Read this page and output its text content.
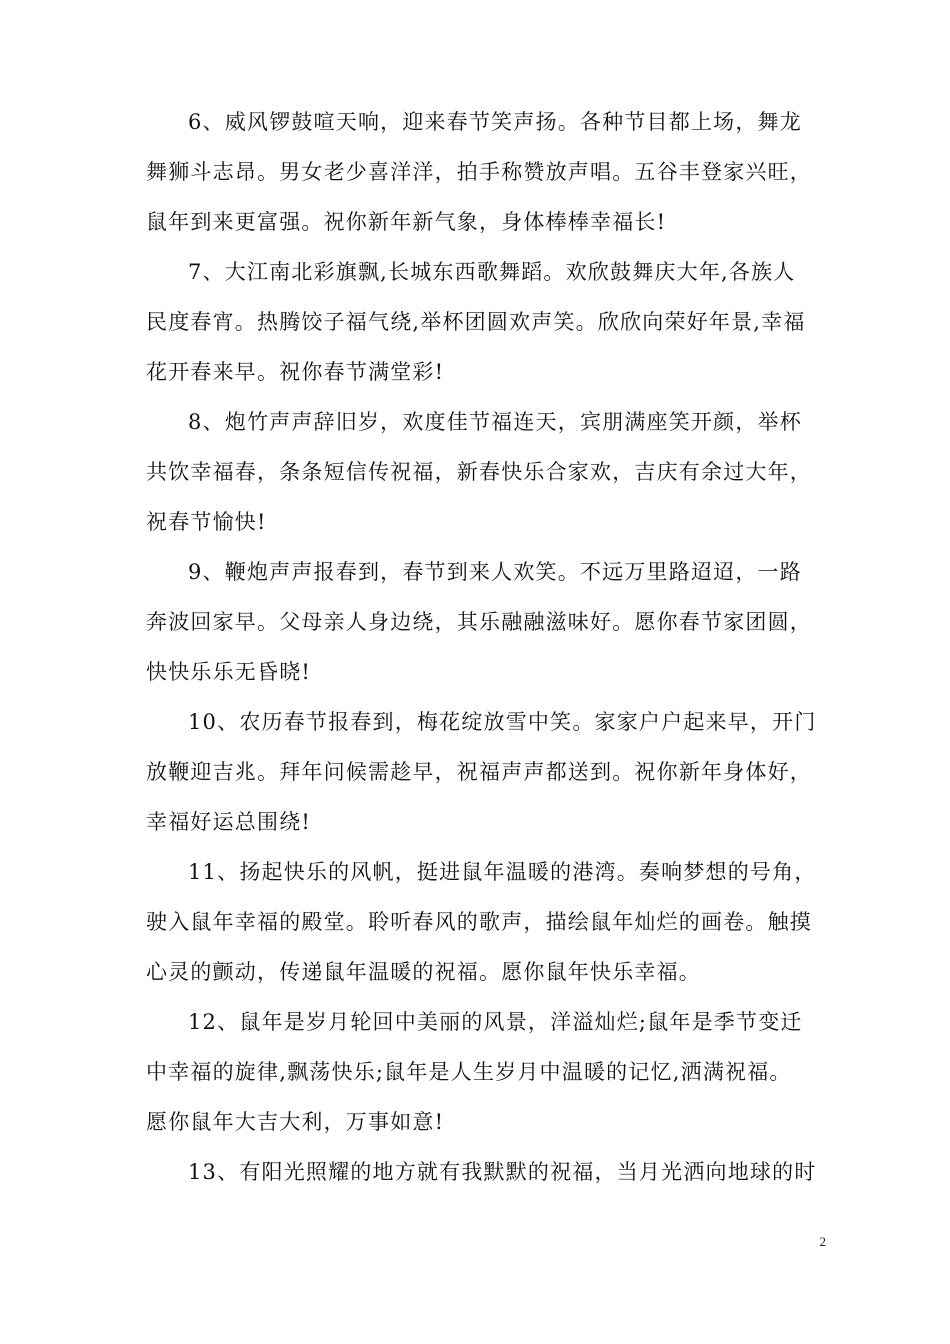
6、威风锣鼓喧天响，迎来春节笑声扬。各种节目都上场，舞龙
舞狮斗志昂。男女老少喜洋洋，拍手称赞放声唱。五谷丰登家兴旺，
鼠年到来更富强。祝你新年新气象，身体棒棒幸福长!
7、大江南北彩旗飘,长城东西歌舞蹈。欢欣鼓舞庆大年,各族人
民度春宵。热腾饺子福气绕,举杯团圆欢声笑。欣欣向荣好年景,幸福
花开春来早。祝你春节满堂彩!
8、炮竹声声辞旧岁，欢度佳节福连天，宾朋满座笑开颜，举杯
共饮幸福春，条条短信传祝福，新春快乐合家欢，吉庆有余过大年，
祝春节愉快!
9、鞭炮声声报春到，春节到来人欢笑。不远万里路迢迢，一路
奔波回家早。父母亲人身边绕，其乐融融滋味好。愿你春节家团圆，
快快乐乐无昏晓!
10、农历春节报春到，梅花绽放雪中笑。家家户户起来早，开门
放鞭迎吉兆。拜年问候需趁早，祝福声声都送到。祝你新年身体好，
幸福好运总围绕!
11、扬起快乐的风帆，挺进鼠年温暖的港湾。奏响梦想的号角，
驶入鼠年幸福的殿堂。聆听春风的歌声，描绘鼠年灿烂的画卷。触摸
心灵的颤动，传递鼠年温暖的祝福。愿你鼠年快乐幸福。
12、鼠年是岁月轮回中美丽的风景，洋溢灿烂;鼠年是季节变迁
中幸福的旋律,飘荡快乐;鼠年是人生岁月中温暖的记忆,洒满祝福。
愿你鼠年大吉大利，万事如意!
13、有阳光照耀的地方就有我默默的祝福，当月光洒向地球的时
2
